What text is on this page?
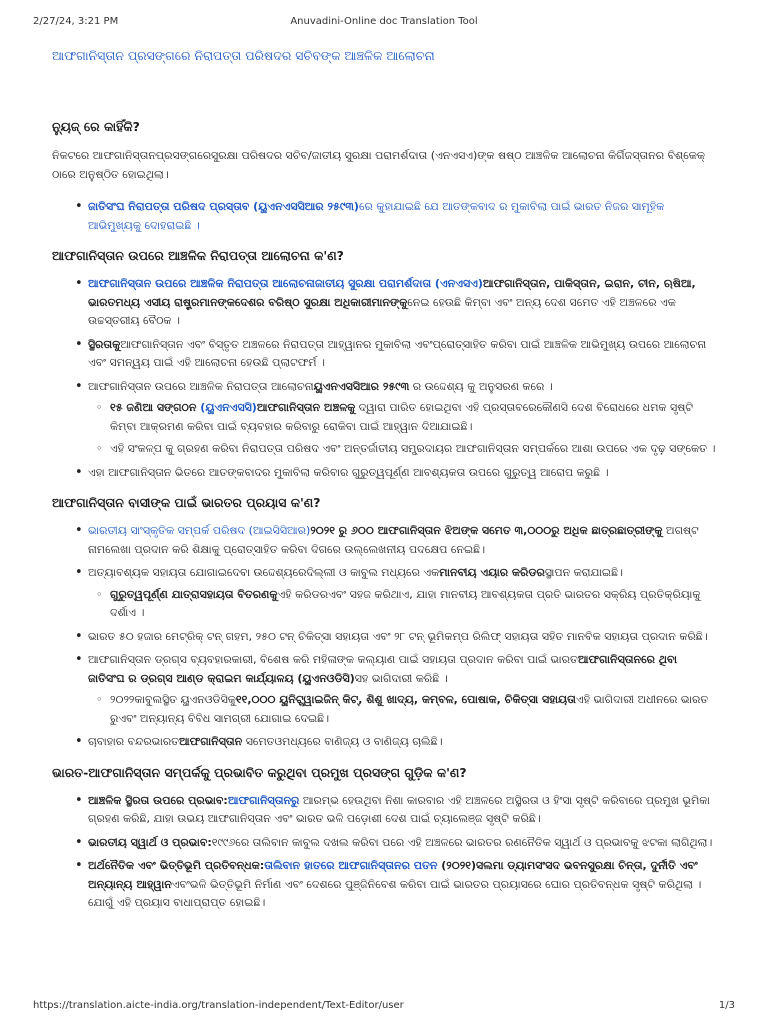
2/27/24, 3:21 PM	Anuvadini-Online doc Translation Tool
ଆଫଗାନିସ୍ତାନ ପ୍ରସଙ୍ଗରେ ନିରାପତ୍ତା ପରିଷଦର ସଚିବଙ୍କ ଆଞ୍ଚଳିକ ଆଲୋଚନା
ନ୍ୟୁଜ୍ ରେ କାହିଁକି?

ନିକଟରେ ଆଫଗାନିସ୍ତାନପ୍ରସଙ୍ଗରେସୁରକ୍ଷା ପରିଷଦର ସଚିବ/ଜାତୀୟ ସୁରକ୍ଷା ପରାମର୍ଶଦାତା (ଏନଏସଏ)ଙ୍କ ଷଷ୍ଠ ଆଞ୍ଚଳିକ ଆଲୋଚନା କିର୍ଗିଜସ୍ତାନର ବିଶ୍କେକ୍ ଠାରେ ଅନୁଷ୍ଠିତ ହୋଇଥିଲା।

• ଜାତିସଂଘ ନିରାପତ୍ତା ପରିଷଦ ପ୍ରସ୍ତାବ (ୟୁଏନଏସସିଆର ୨୫୯୩)ରେ କୁହାଯାଇଛି ଯେ ଆତଙ୍କବାଦ ର ମୁକାବିଲା ପାଇଁ ଭାରତ ନିଜର ସାମୂହିକ ଆଭିମୁଖ୍ୟକୁ ଦୋହରାଇଛି ।
ଆଫଗାନିସ୍ତାନ ଉପରେ ଆଞ୍ଚଳିକ ନିରାପତ୍ତା ଆଲୋଚନା କ'ଣ?
• ଆଫଗାନିସ୍ତାନ ଉପରେ ଆଞ୍ଚଳିକ ନିରାପତ୍ତା ଆଲୋଚନାଜାତୀୟ ସୁରକ୍ଷା ପରାମର୍ଶଦାତା (ଏନଏସଏ)ଆଫଗାନିସ୍ତାନ, ପାକିସ୍ତାନ, ଇରାନ, ଚୀନ, ଋଷିଆ, ଭାରତମଧ୍ୟ ଏସୀୟ ରାଷ୍ଟ୍ରମାନଙ୍କଦେଶର ବରିଷ୍ଠ ସୁରକ୍ଷା ଅଧିକାରୀମାନଙ୍କୁନେଇ ହେଉଛି କିମ୍ବା ଏବଂ ଅନ୍ୟ ଦେଶ ସମେତ ଏହି ଅଞ୍ଚଳରେ ଏକ ଉଚ୍ଚସ୍ତରୀୟ ବୈଠକ ।
• ସ୍ଥିରତାକୁଆଫଗାନିସ୍ତାନ ଏବଂ ବିସ୍ତୃତ ଅଞ୍ଚଳରେ ନିରାପତ୍ତା ଆହ୍ୱାନର ମୁକାବିଲା ଏବଂପ୍ରୋତ୍ସାହିତ କରିବା ପାଇଁ ଆଞ୍ଚଳିକ ଆଭିମୁଖ୍ୟ ଉପରେ ଆଲୋଚନା ଏବଂ ସମନ୍ୱୟ ପାଇଁ ଏହି ଆଲୋଚନା ହେଉଛି ପ୍ଲାଟଫର୍ମ ।
• ଆଫଗାନିସ୍ତାନ ଉପରେ ଆଞ୍ଚଳିକ ନିରାପତ୍ତା ଆଲୋଚନାୟୁଏନଏସସିଆର ୨୫୯୩ ର ଉଦ୍ଦେଶ୍ୟ କୁ ଅନୁସରଣ କରେ ।
◦ ୧୫ ଜଣିଆ ସଙ୍ଗଠନ (ୟୁଏନଏସସି)ଆଫଗାନିସ୍ତାନ ଅଞ୍ଚଳକୁ ଦ୍ୱାରା ପାରିତ ହୋଇଥିବା ଏହି ପ୍ରସ୍ତାବରେକୌଣସି ଦେଶ ବିରୋଧରେ ଧମକ ସୃଷ୍ଟି କିମ୍ବା ଆକ୍ରମଣ କରିବା ପାଇଁ ବ୍ୟବହାର କରିବାରୁ ରୋକିବା ପାଇଁ ଆହ୍ୱାନ ଦିଆଯାଇଛି।
◦ ଏହି ସଂକଳ୍ପ କୁ ଗ୍ରହଣ କରିବା ନିରାପତ୍ତା ପରିଷଦ ଏବଂ ଅନ୍ତର୍ଜାତୀୟ ସମ୍ପ୍ରଦାୟର ଆଫଗାନିସ୍ତାନ ସମ୍ପର୍କରେ ଆଶା ଉପରେ ଏକ ଦୃଢ଼ ସଙ୍କେତ ।
• ଏହା ଆଫଗାନିସ୍ତାନ ଭିତରେ ଆତଙ୍କବାଦର ମୁକାବିଲା କରିବାର ଗୁରୁତ୍ୱପୂର୍ଣ୍ଣ ଆବଶ୍ୟକତା ଉପରେ ଗୁରୁତ୍ୱ ଆରୋପ କରୁଛି ।
ଆଫଗାନିସ୍ତାନ ବାସୀଙ୍କ ପାଇଁ ଭାରତର ପ୍ରୟାସ କ'ଣ?
• ଭାରତୀୟ ସାଂସ୍କୃତିକ ସମ୍ପର୍କ ପରିଷଦ (ଆଇସିସିଆର)୨୦୨୧ ରୁ ୬୦୦ ଆଫଗାନିସ୍ତାନ ଝିଅଙ୍କ ସମେତ ୩,୦୦୦ରୁ ଅଧିକ ଛାତ୍ରଛାତ୍ରୀଙ୍କୁ ଅଗଷ୍ଟ ନାମଲେଖା ପ୍ରଦାନ କରି ଶିକ୍ଷାକୁ ପ୍ରୋତ୍ସାହିତ କରିବା ଦିଗରେ ଉଲ୍ଲେଖନୀୟ ପଦକ୍ଷେପ ନେଇଛି।
• ଅତ୍ୟାବଶ୍ୟକ ସହାୟତା ଯୋଗାଇଦେବା ଉଦ୍ଦେଶ୍ୟରେଦିଲ୍ଲୀ ଓ କାବୁଲ ମଧ୍ୟରେ ଏକମାନବୀୟ ଏୟାର କରିଡରସ୍ଥାପନ କରାଯାଇଛି।
◦ ଗୁରୁତ୍ୱପୂର୍ଣ୍ଣ ଯାତ୍ରାସହାୟତା ବିତରଣକୁଏହି କରିଡରଏବଂ ସହଜ କରିଥାଏ, ଯାହା ମାନବୀୟ ଆବଶ୍ୟକତା ପ୍ରତି ଭାରତର ସକ୍ରିୟ ପ୍ରତିକ୍ରିୟାକୁ ଦର୍ଶାଏ ।
• ଭାରତ ୫୦ ହଜାର ମେଟ୍ରିକ୍ ଟନ୍ ଗହମ, ୨୫୦ ଟନ୍ ଚିକିତ୍ସା ସହାୟତା ଏବଂ ୨୮ ଟନ୍ ଭୂମିକମ୍ପ ରିଲିଫ୍ ସହାୟତା ସହିତ ମାନବିକ ସହାୟତା ପ୍ରଦାନ କରିଛି।
• ଆଫଗାନିସ୍ତାନ ଡ୍ରଗ୍ସ ବ୍ୟବହାରକାରୀ, ବିଶେଷ କରି ମହିଳାଙ୍କ କଲ୍ୟାଣ ପାଇଁ ସହାୟତା ପ୍ରଦାନ କରିବା ପାଇଁ ଭାରତଆଫଗାନିସ୍ତାନରେ ଥିବା ଜାତିସଂଘ ର ଡ୍ରଗ୍ସ ଆଣ୍ଡ କ୍ରାଇମ କାର୍ଯ୍ୟାଳୟ (ୟୁଏନଓଡିସି)ସହ ଭାଗିଦାରୀ କରିଛି ।
◦ ୨୦୨୨କାବୁଲସ୍ଥିତ ୟୁଏନଓଡିସିକୁ୧୧,୦୦୦ ୟୁନିଟ୍ସ୍ୱାଇଜିନ୍ କିଟ୍, ଶିଶୁ ଖାଦ୍ୟ, କମ୍ବଳ, ପୋଷାକ, ଚିକିତ୍ସା ସହାୟତାଏହି ଭାଗିଦାରୀ ଅଧୀନରେ ଭାରତ ରୁଏବଂ ଅନ୍ୟାନ୍ୟ ବିବିଧ ସାମଗ୍ରୀ ଯୋଗାଇ ଦେଇଛି।
• ଚାବାହାର ବନ୍ଦରଭାରତଆଫଗାନିସ୍ତାନ ସମେତଓମଧ୍ୟରେ ବାଣିଜ୍ୟ ଓ ବାଣିଜ୍ୟ ଚାଲିଛି।
ଭାରତ-ଆଫଗାନିସ୍ତାନ ସମ୍ପର୍କକୁ ପ୍ରଭାବିତ କରୁଥିବା ପ୍ରମୁଖ ପ୍ରସଙ୍ଗ ଗୁଡ଼ିକ କ'ଣ?
• ଆଞ୍ଚଳିକ ସ୍ଥିରତା ଉପରେ ପ୍ରଭାବ:ଆଫଗାନିସ୍ତାନରୁ ଆରମ୍ଭ ହେଉଥିବା ନିଶା କାରବାର ଏହି ଅଞ୍ଚଳରେ ଅସ୍ଥିରତା ଓ ହିଂସା ସୃଷ୍ଟି କରିବାରେ ପ୍ରମୁଖ ଭୂମିକା ଗ୍ରହଣ କରିଛି, ଯାହା ଉଭୟ ଆଫଗାନିସ୍ତାନ ଏବଂ ଭାରତ ଭଳି ପଡ଼ୋଶୀ ଦେଶ ପାଇଁ ଚ୍ୟାଲେଞ୍ଜ ସୃଷ୍ଟି କରିଛି।
• ଭାରତୀୟ ସ୍ୱାର୍ଥ ଓ ପ୍ରଭାବ:୧୯୯୬ରେ ତାଲିବାନ କାବୁଲ ଦଖଲ କରିବା ପରେ ଏହି ଅଞ୍ଚଳରେ ଭାରତର ରଣନୈତିକ ସ୍ୱାର୍ଥ ଓ ପ୍ରଭାବକୁ ଝଟକା ଲାଗିଥିଲା।
• ଅର୍ଥନୈତିକ ଏବଂ ଭିତ୍ତିଭୂମି ପ୍ରତିବନ୍ଧକ:ତାଲିବାନ ହାତରେ ଆଫଗାନିସ୍ତାନର ପତନ (୨୦୨୧)ସଲମା ଡ୍ୟାମସଂସଦ ଭବନସୁରକ୍ଷା ଚିନ୍ତା, ଦୁର୍ନୀତି ଏବଂ ଅନ୍ୟାନ୍ୟ ଆହ୍ୱାନଏବଂଭଳି ଭିତ୍ତିଭୂମି ନିର୍ମାଣ ଏବଂ ଦେଶରେ ପୁଞ୍ଜିନିବେଶ କରିବା ପାଇଁ ଭାରତର ପ୍ରୟାସରେ ଘୋର ପ୍ରତିବନ୍ଧକ ସୃଷ୍ଟି କରିଥିଲା । ଯୋଗୁଁ ଏହି ପ୍ରୟାସ ବାଧାପ୍ରାପ୍ତ ହୋଇଛି।
https://translation.aicte-india.org/translation-independent/Text-Editor/user	1/3
